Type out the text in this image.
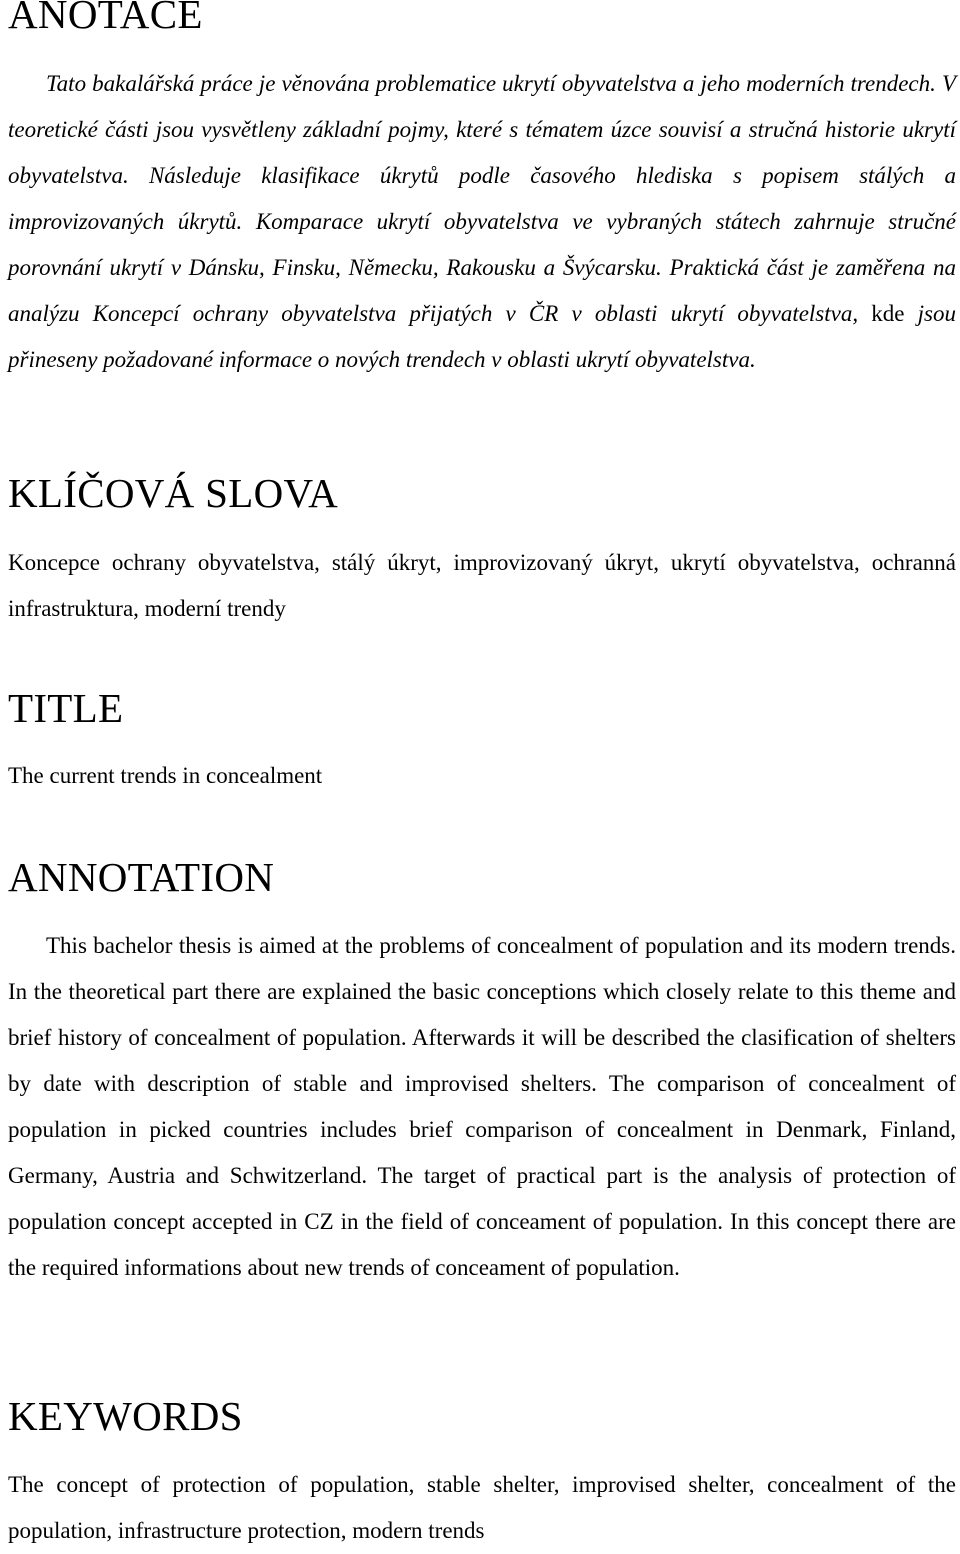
ANOTACE

Tato bakalářská práce je věnována problematice ukrytí obyvatelstva a jeho moderních trendech. V teoretické části jsou vysvětleny základní pojmy, které s tématem úzce souvisí a stručná historie ukrytí obyvatelstva. Následuje klasifikace úkrytů podle časového hlediska s popisem stálých a improvizovaných úkrytů. Komparace ukrytí obyvatelstva ve vybraných státech zahrnuje stručné porovnání ukrytí v Dánsku, Finsku, Německu, Rakousku a Švýcarsku. Praktická část je zaměřena na analýzu Koncepcí ochrany obyvatelstva přijatých v ČR v oblasti ukrytí obyvatelstva, kde jsou přineseny požadované informace o nových trendech v oblasti ukrytí obyvatelstva.

KLÍČOVÁ SLOVA

Koncepce ochrany obyvatelstva, stálý úkryt, improvizovaný úkryt, ukrytí obyvatelstva, ochranná infrastruktura, moderní trendy

TITLE

The current trends in concealment

ANNOTATION

This bachelor thesis is aimed at the problems of concealment of population and its modern trends. In the theoretical part there are explained the basic conceptions which closely relate to this theme and brief history of concealment of population. Afterwards it will be described the clasification of shelters by date with description of stable and improvised shelters. The comparison of concealment of population in picked countries includes brief comparison of concealment in Denmark, Finland, Germany, Austria and Schwitzerland. The target of practical part is the analysis of protection of population concept accepted in CZ in the field of conceament of population. In this concept there are the required informations about new trends of conceament of population.

KEYWORDS

The concept of protection of population, stable shelter, improvised shelter, concealment of the population, infrastructure protection, modern trends
